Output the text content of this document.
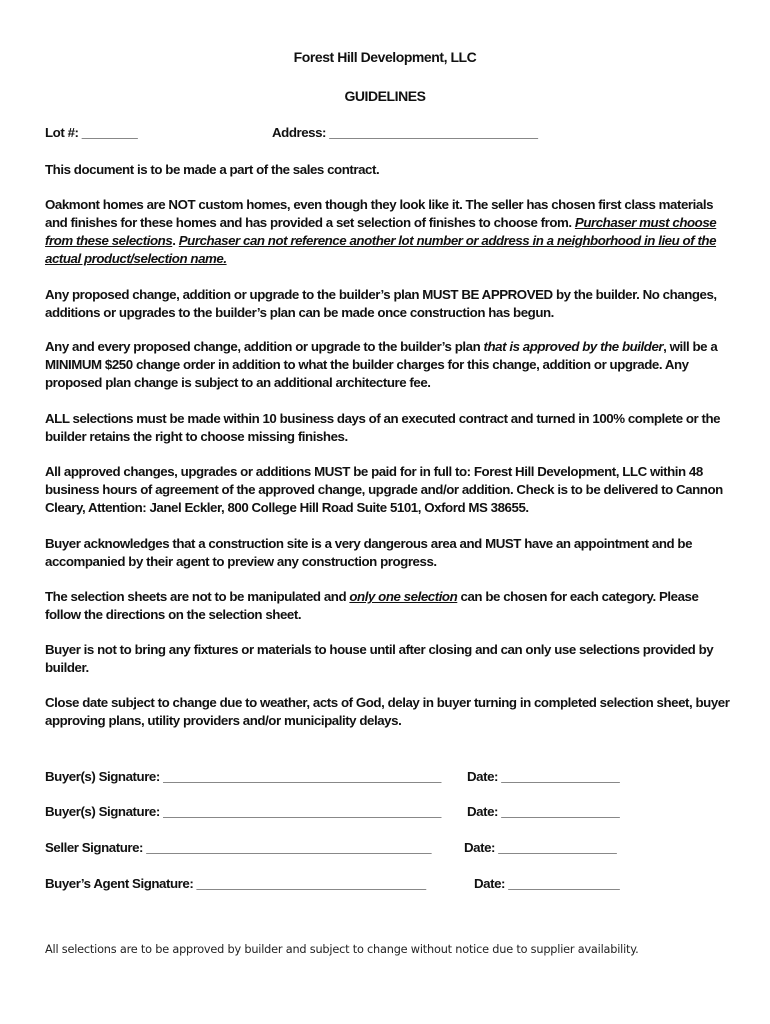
Forest Hill Development, LLC
GUIDELINES
Lot #: ________	Address: ______________________________
This document is to be made a part of the sales contract.
Oakmont homes are NOT custom homes, even though they look like it. The seller has chosen first class materials and finishes for these homes and has provided a set selection of finishes to choose from. Purchaser must choose from these selections. Purchaser can not reference another lot number or address in a neighborhood in lieu of the actual product/selection name.
Any proposed change, addition or upgrade to the builder’s plan MUST BE APPROVED by the builder. No changes, additions or upgrades to the builder’s plan can be made once construction has begun.
Any and every proposed change, addition or upgrade to the builder’s plan that is approved by the builder, will be a MINIMUM $250 change order in addition to what the builder charges for this change, addition or upgrade. Any proposed plan change is subject to an additional architecture fee.
ALL selections must be made within 10 business days of an executed contract and turned in 100% complete or the builder retains the right to choose missing finishes.
All approved changes, upgrades or additions MUST be paid for in full to: Forest Hill Development, LLC within 48 business hours of agreement of the approved change, upgrade and/or addition. Check is to be delivered to Cannon Cleary, Attention: Janel Eckler, 800 College Hill Road Suite 5101, Oxford MS 38655.
Buyer acknowledges that a construction site is a very dangerous area and MUST have an appointment and be accompanied by their agent to preview any construction progress.
The selection sheets are not to be manipulated and only one selection can be chosen for each category. Please follow the directions on the selection sheet.
Buyer is not to bring any fixtures or materials to house until after closing and can only use selections provided by builder.
Close date subject to change due to weather, acts of God, delay in buyer turning in completed selection sheet, buyer approving plans, utility providers and/or municipality delays.
Buyer(s) Signature: ________________________________________ Date: _________________
Buyer(s) Signature: ________________________________________ Date: _________________
Seller Signature: _________________________________________ Date: _________________
Buyer’s Agent Signature: _________________________________	Date: ________________
All selections are to be approved by builder and subject to change without notice due to supplier availability.
